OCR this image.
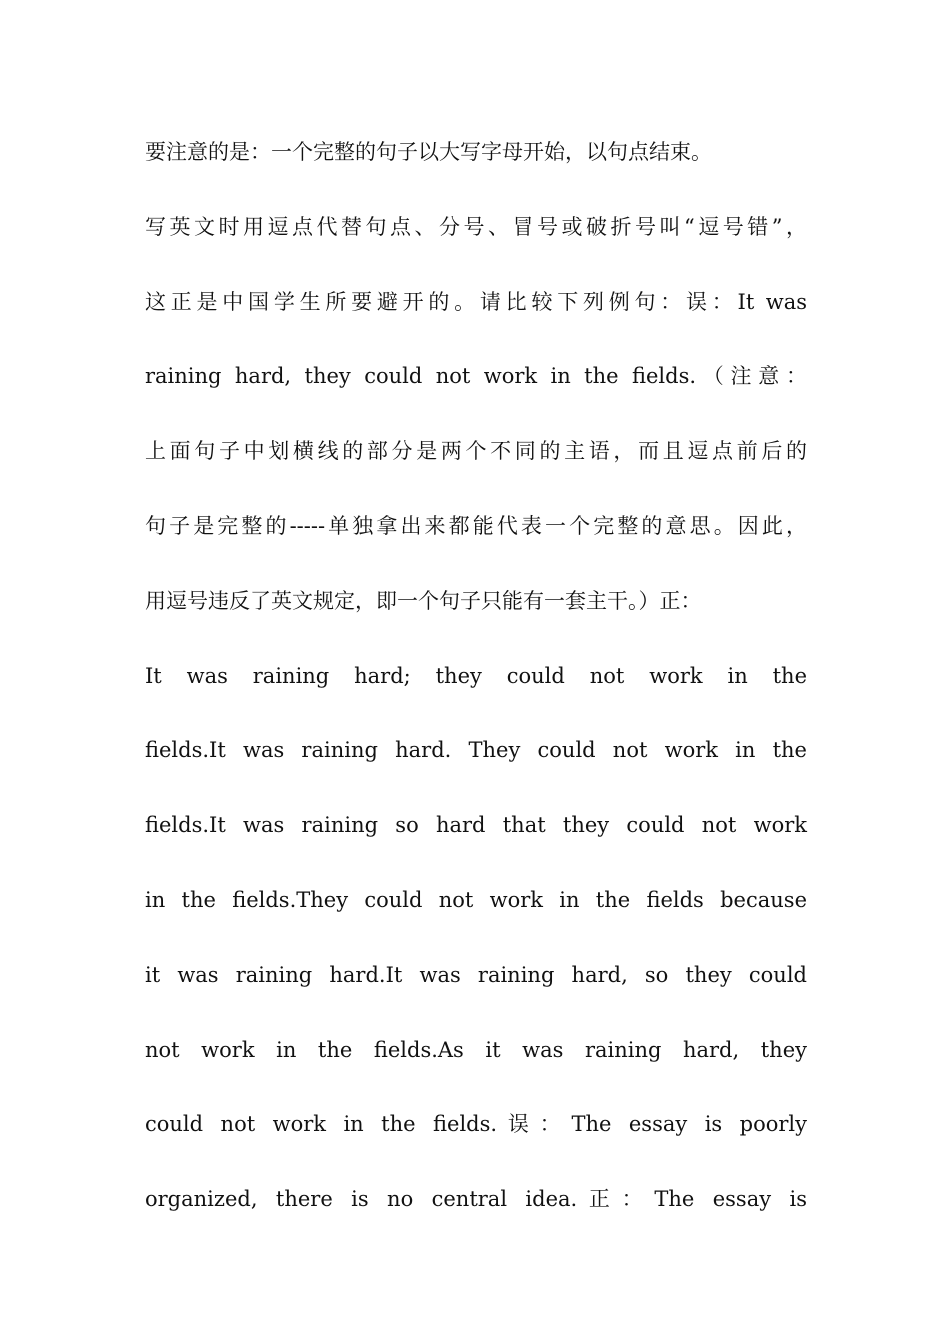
要注意的是：一个完整的句子以大写字母开始，以句点结束。
写英文时用逗点代替句点、分号、冒号或破折号叫“逗号错”，
这正是中国学生所要避开的。请比较下列例句：误：It was
raining hard, they could not work in the fields.（注意：
上面句子中划横线的部分是两个不同的主语，而且逗点前后的
句子是完整的-----单独拿出来都能代表一个完整的意思。因此，
用逗号违反了英文规定，即一个句子只能有一套主干。）正：
It was raining hard; they could not work in the
fields.It was raining hard. They could not work in the
fields.It was raining so hard that they could not work
in the fields.They could not work in the fields because
it was raining hard.It was raining hard, so they could
not work in the fields.As it was raining hard, they
could not work in the fields.误：The essay is poorly
organized, there is no central idea.正：The essay is
